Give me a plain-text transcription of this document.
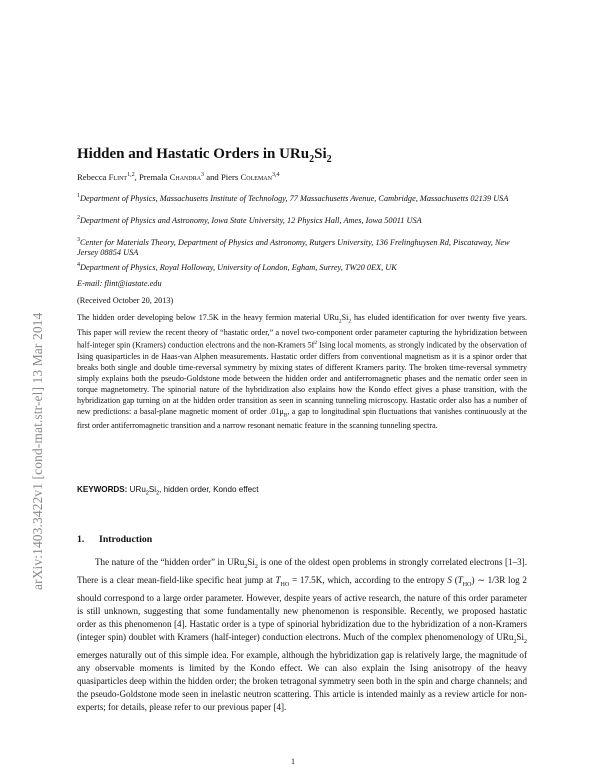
arXiv:1403.3422v1 [cond-mat.str-el] 13 Mar 2014
Hidden and Hastatic Orders in $URu_2Si_2$
Rebecca Flint$^{1,2}$, Premala Chandra$^3$ and Piers Coleman$^{3,4}$
$^1$Department of Physics, Massachusetts Institute of Technology, 77 Massachusetts Avenue, Cambridge, Massachusetts 02139 USA
$^2$Department of Physics and Astronomy, Iowa State University, 12 Physics Hall, Ames, Iowa 50011 USA
$^3$Center for Materials Theory, Department of Physics and Astronomy, Rutgers University, 136 Frelinghuysen Rd, Piscataway, New Jersey 08854 USA
$^4$Department of Physics, Royal Holloway, University of London, Egham, Surrey, TW20 0EX, UK
E-mail: flint@iastate.edu
(Received October 20, 2013)
The hidden order developing below 17.5K in the heavy fermion material $URu_2Si_2$ has eluded identification for over twenty five years. This paper will review the recent theory of “hastatic order,” a novel two-component order parameter capturing the hybridization between half-integer spin (Kramers) conduction electrons and the non-Kramers $5f^2$ Ising local moments, as strongly indicated by the observation of Ising quasiparticles in de Haas-van Alphen measurements. Hastatic order differs from conventional magnetism as it is a spinor order that breaks both single and double time-reversal symmetry by mixing states of different Kramers parity. The broken time-reversal symmetry simply explains both the pseudo-Goldstone mode between the hidden order and antiferromagnetic phases and the nematic order seen in torque magnetometry. The spinorial nature of the hybridization also explains how the Kondo effect gives a phase transition, with the hybridization gap turning on at the hidden order transition as seen in scanning tunneling microscopy. Hastatic order also has a number of new predictions: a basal-plane magnetic moment of order $.01\mu_B$, a gap to longitudinal spin fluctuations that vanishes continuously at the first order antiferromagnetic transition and a narrow resonant nematic feature in the scanning tunneling spectra.
KEYWORDS: $URu_2Si_2$, hidden order, Kondo effect
1. Introduction
The nature of the “hidden order” in $URu_2Si_2$ is one of the oldest open problems in strongly correlated electrons [1–3]. There is a clear mean-field-like specific heat jump at $T_{HO} = 17.5K$, which, according to the entropy S $(T_{HO})$ ∼ 1/3R log 2 should correspond to a large order parameter. However, despite years of active research, the nature of this order parameter is still unknown, suggesting that some fundamentally new phenomenon is responsible. Recently, we proposed hastatic order as this phenomenon [4]. Hastatic order is a type of spinorial hybridization due to the hybridization of a non-Kramers (integer spin) doublet with Kramers (half-integer) conduction electrons. Much of the complex phenomenology of $URu_2Si_2$ emerges naturally out of this simple idea. For example, although the hybridization gap is relatively large, the magnitude of any observable moments is limited by the Kondo effect. We can also explain the Ising anisotropy of the heavy quasiparticles deep within the hidden order; the broken tetragonal symmetry seen both in the spin and charge channels; and the pseudo-Goldstone mode seen in inelastic neutron scattering. This article is intended mainly as a review article for non-experts; for details, please refer to our previous paper [4].
1
